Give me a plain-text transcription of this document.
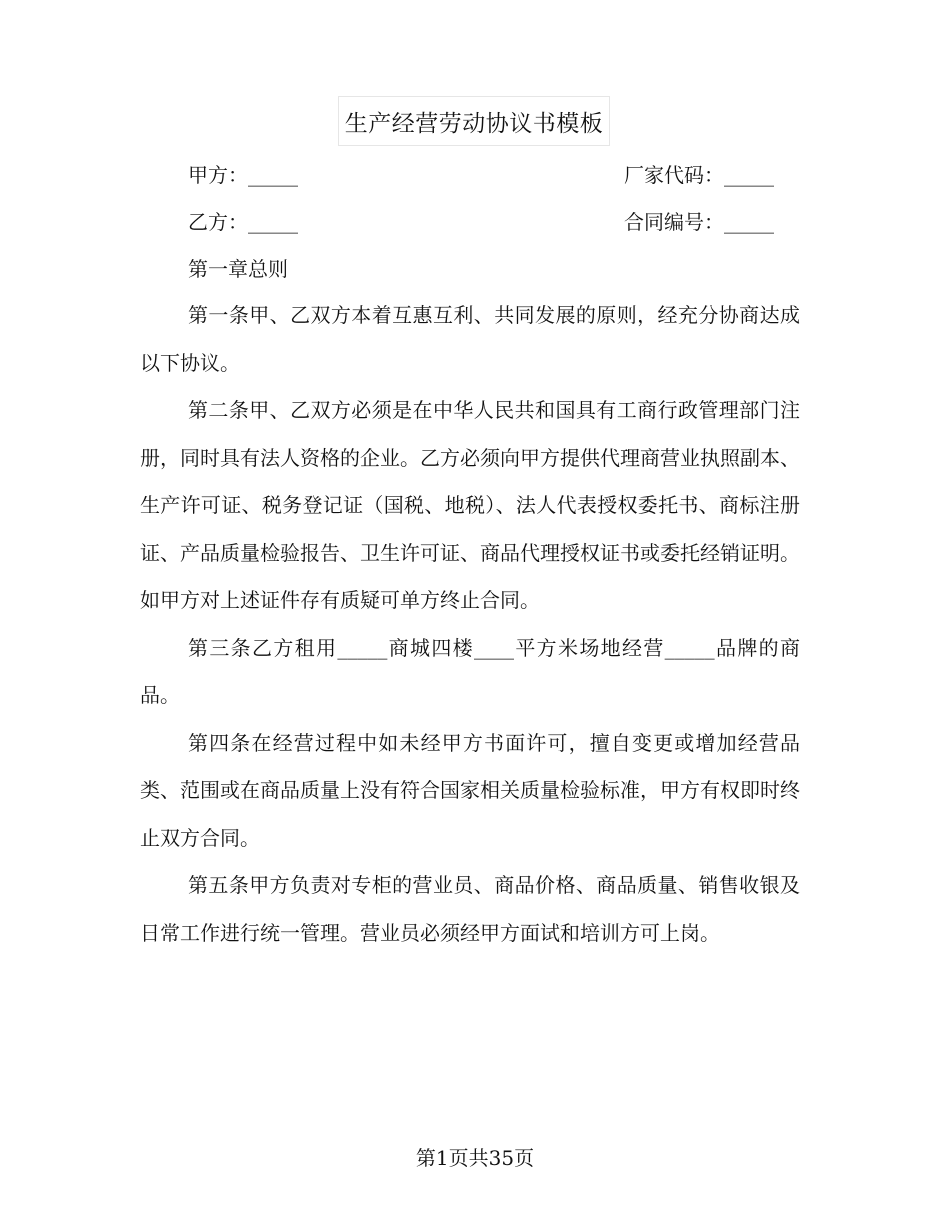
生产经营劳动协议书模板
甲方：_____	厂家代码：_____
乙方：_____	合同编号：_____
第一章总则

第一条甲、乙双方本着互惠互利、共同发展的原则，经充分协商达成以下协议。

第二条甲、乙双方必须是在中华人民共和国具有工商行政管理部门注册，同时具有法人资格的企业。乙方必须向甲方提供代理商营业执照副本、生产许可证、税务登记证（国税、地税）、法人代表授权委托书、商标注册证、产品质量检验报告、卫生许可证、商品代理授权证书或委托经销证明。如甲方对上述证件存有质疑可单方终止合同。

第三条乙方租用_____商城四楼____平方米场地经营_____品牌的商品。

第四条在经营过程中如未经甲方书面许可，擅自变更或增加经营品类、范围或在商品质量上没有符合国家相关质量检验标准，甲方有权即时终止双方合同。

第五条甲方负责对专柜的营业员、商品价格、商品质量、销售收银及日常工作进行统一管理。营业员必须经甲方面试和培训方可上岗。

第1页共35页
